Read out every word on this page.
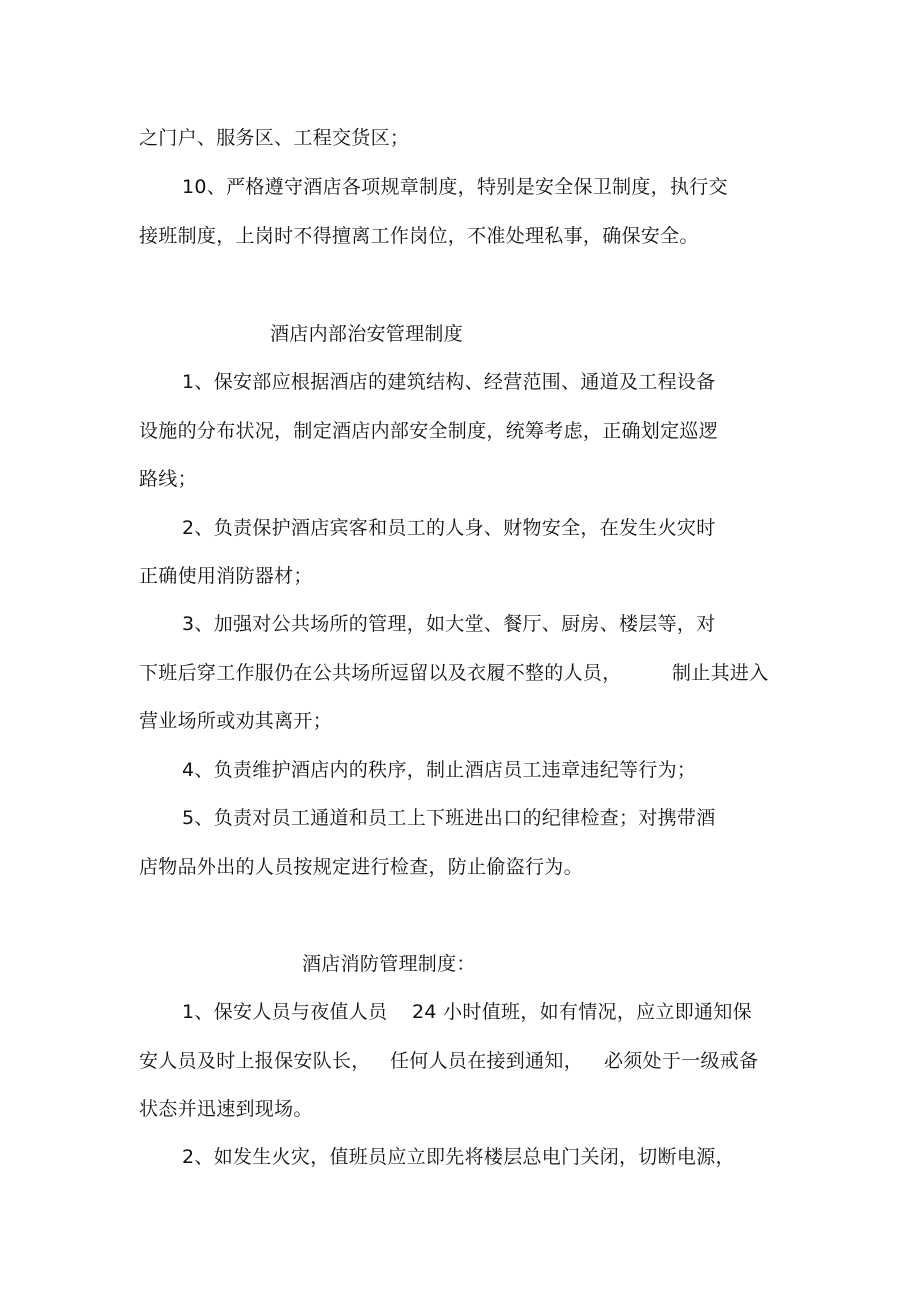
之门户、服务区、工程交货区；
10、严格遵守酒店各项规章制度，特别是安全保卫制度，执行交
接班制度，上岗时不得擅离工作岗位，不准处理私事，确保安全。
酒店内部治安管理制度
1、保安部应根据酒店的建筑结构、经营范围、通道及工程设备
设施的分布状况，制定酒店内部安全制度，统筹考虑，正确划定巡逻
路线；
2、负责保护酒店宾客和员工的人身、财物安全，在发生火灾时
正确使用消防器材；
3、加强对公共场所的管理，如大堂、餐厅、厨房、楼层等，对
下班后穿工作服仍在公共场所逗留以及衣履不整的人员，	制止其进入
营业场所或劝其离开；
4、负责维护酒店内的秩序，制止酒店员工违章违纪等行为；
5、负责对员工通道和员工上下班进出口的纪律检查；对携带酒
店物品外出的人员按规定进行检查，防止偷盗行为。
酒店消防管理制度：
1、保安人员与夜值人员 24 小时值班，如有情况，应立即通知保
安人员及时上报保安队长， 任何人员在接到通知， 必须处于一级戒备
状态并迅速到现场。
2、如发生火灾，值班员应立即先将楼层总电门关闭，切断电源，
